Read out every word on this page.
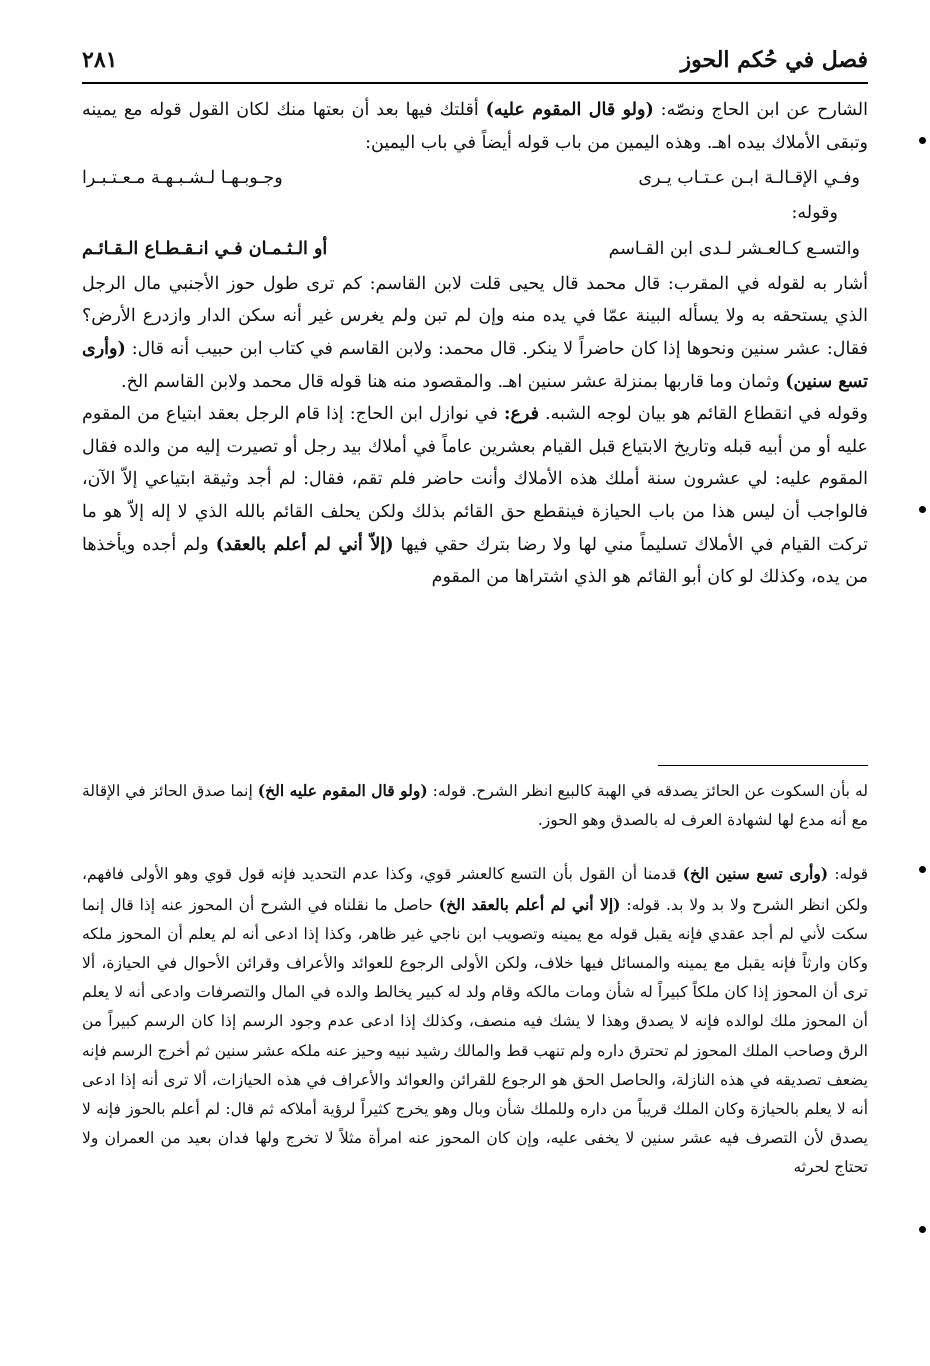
٢٨١	فصل في حُكم الحوز

الشارح عن ابن الحاج ونصّه: (ولو قال المقوم عليه) أقلتك فيها بعد أن بعتها منك لكان القول قوله مع يمينه وتبقى الأملاك بيده اهـ. وهذه اليمين من باب قوله أيضاً في باب اليمين:

وفـي الإقـالـة ابـن عـتـاب يـرى
وجـوبـهـا لـشـبـهـة مـعـتـبـرا

وقوله:

والتسـع كـالعـشر لـدى ابن القـاسم
أو الـثـمـان فـي انـقـطـاع الـقـائـم

أشار به لقوله في المقرب: قال محمد قال يحيى قلت لابن القاسم: كم ترى طول حوز الأجنبي مال الرجل الذي يستحقه به ولا يسأله البينة عمّا في يده منه وإن لم تبن ولم يغرس غير أنه سكن الدار وازدرع الأرض؟ فقال: عشر سنين ونحوها إذا كان حاضراً لا ينكر. قال محمد: ولابن القاسم في كتاب ابن حبيب أنه قال: (وأرى تسع سنين) وثمان وما قاربها بمنزلة عشر سنين اهـ. والمقصود منه هنا قوله قال محمد ولابن القاسم الخ.

وقوله في انقطاع القائم هو بيان لوجه الشبه. فرع: في نوازل ابن الحاج: إذا قام الرجل بعقد ابتياع من المقوم عليه أو من أبيه قبله وتاريخ الابتياع قبل القيام بعشرين عاماً في أملاك بيد رجل أو تصيرت إليه من والده فقال المقوم عليه: لي عشرون سنة أملك هذه الأملاك وأنت حاضر فلم تقم، فقال: لم أجد وثيقة ابتياعي إلاّ الآن، فالواجب أن ليس هذا من باب الحيازة فينقطع حق القائم بذلك ولكن يحلف القائم بالله الذي لا إله إلاّ هو ما تركت القيام في الأملاك تسليماً مني لها ولا رضا بترك حقي فيها (إلاّ أني لم أعلم بالعقد) ولم أجده ويأخذها من يده، وكذلك لو كان أبو القائم هو الذي اشتراها من المقوم

له بأن السكوت عن الحائز يصدقه في الهبة كالبيع انظر الشرح. قوله: (ولو قال المقوم عليه الخ) إنما صدق الحائز في الإقالة مع أنه مدع لها لشهادة العرف له بالصدق وهو الحوز.

قوله: (وأرى تسع سنين الخ) قدمنا أن القول بأن التسع كالعشر قوي، وكذا عدم التحديد فإنه قول قوي وهو الأولى فافهم، ولكن انظر الشرح ولا بد ولا بد. قوله: (إلا أني لم أعلم بالعقد الخ) حاصل ما نقلناه في الشرح أن المحوز عنه إذا قال إنما سكت لأني لم أجد عقدي فإنه يقبل قوله مع يمينه وتصويب ابن ناجي غير ظاهر، وكذا إذا ادعى أنه لم يعلم أن المحوز ملكه وكان وارثاً فإنه يقبل مع يمينه والمسائل فيها خلاف، ولكن الأولى الرجوع للعوائد والأعراف وقرائن الأحوال في الحيازة، ألا ترى أن المحوز إذا كان ملكاً كبيراً له شأن ومات مالكه وقام ولد له كبير يخالط والده في المال والتصرفات وادعى أنه لا يعلم أن المحوز ملك لوالده فإنه لا يصدق وهذا لا يشك فيه منصف، وكذلك إذا ادعى عدم وجود الرسم إذا كان الرسم كبيراً من الرق وصاحب الملك المحوز لم تحترق داره ولم تنهب قط والمالك رشيد نبيه وحيز عنه ملكه عشر سنين ثم أخرج الرسم فإنه يضعف تصديقه في هذه النازلة، والحاصل الحق هو الرجوع للقرائن والعوائد والأعراف في هذه الحيازات، ألا ترى أنه إذا ادعى أنه لا يعلم بالحيازة وكان الملك قريباً من داره وللملك شأن وبال وهو يخرج كثيراً لرؤية أملاكه ثم قال: لم أعلم بالحوز فإنه لا يصدق لأن التصرف فيه عشر سنين لا يخفى عليه، وإن كان المحوز عنه امرأة مثلاً لا تخرج ولها فدان بعيد من العمران ولا تحتاج لحرثه
